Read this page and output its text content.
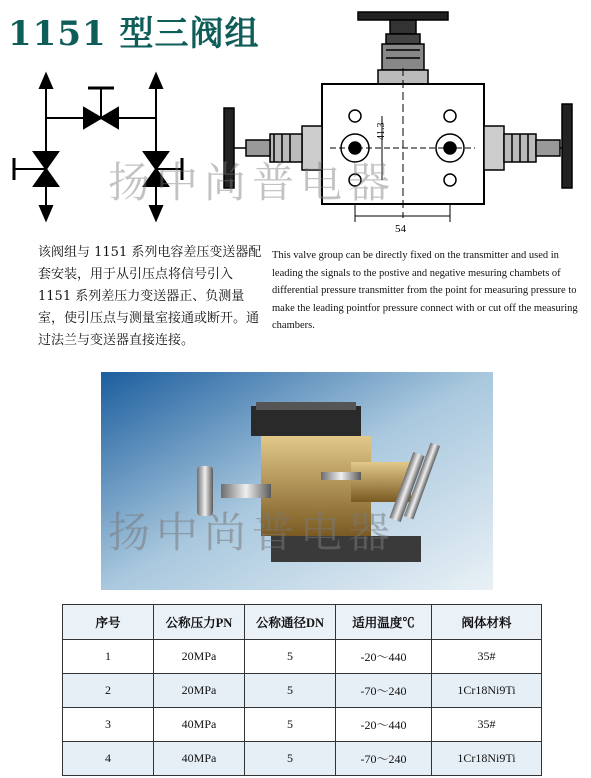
1151 型三阀组
41.3
54
扬中尚普电器
该阀组与 1151 系列电容差压变送器配套安装，用于从引压点将信号引入 1151 系列差压力变送器正、负测量室，使引压点与测量室接通或断开。通过法兰与变送器直接连接。
This valve group can be directly fixed on the transmitter and used in leading the signals to the postive and negative mesuring chambets of differential pressure transmitter from the point for measuring pressure to make the leading pointfor pressure connect with or cut off the measuring chambers.
扬中尚普电器
序号	公称压力PN	公称通径DN	适用温度℃	阀体材料
1	20MPa	5	-20～440	35#
2	20MPa	5	-70～240	1Cr18Ni9Ti
3	40MPa	5	-20～440	35#
4	40MPa	5	-70～240	1Cr18Ni9Ti
